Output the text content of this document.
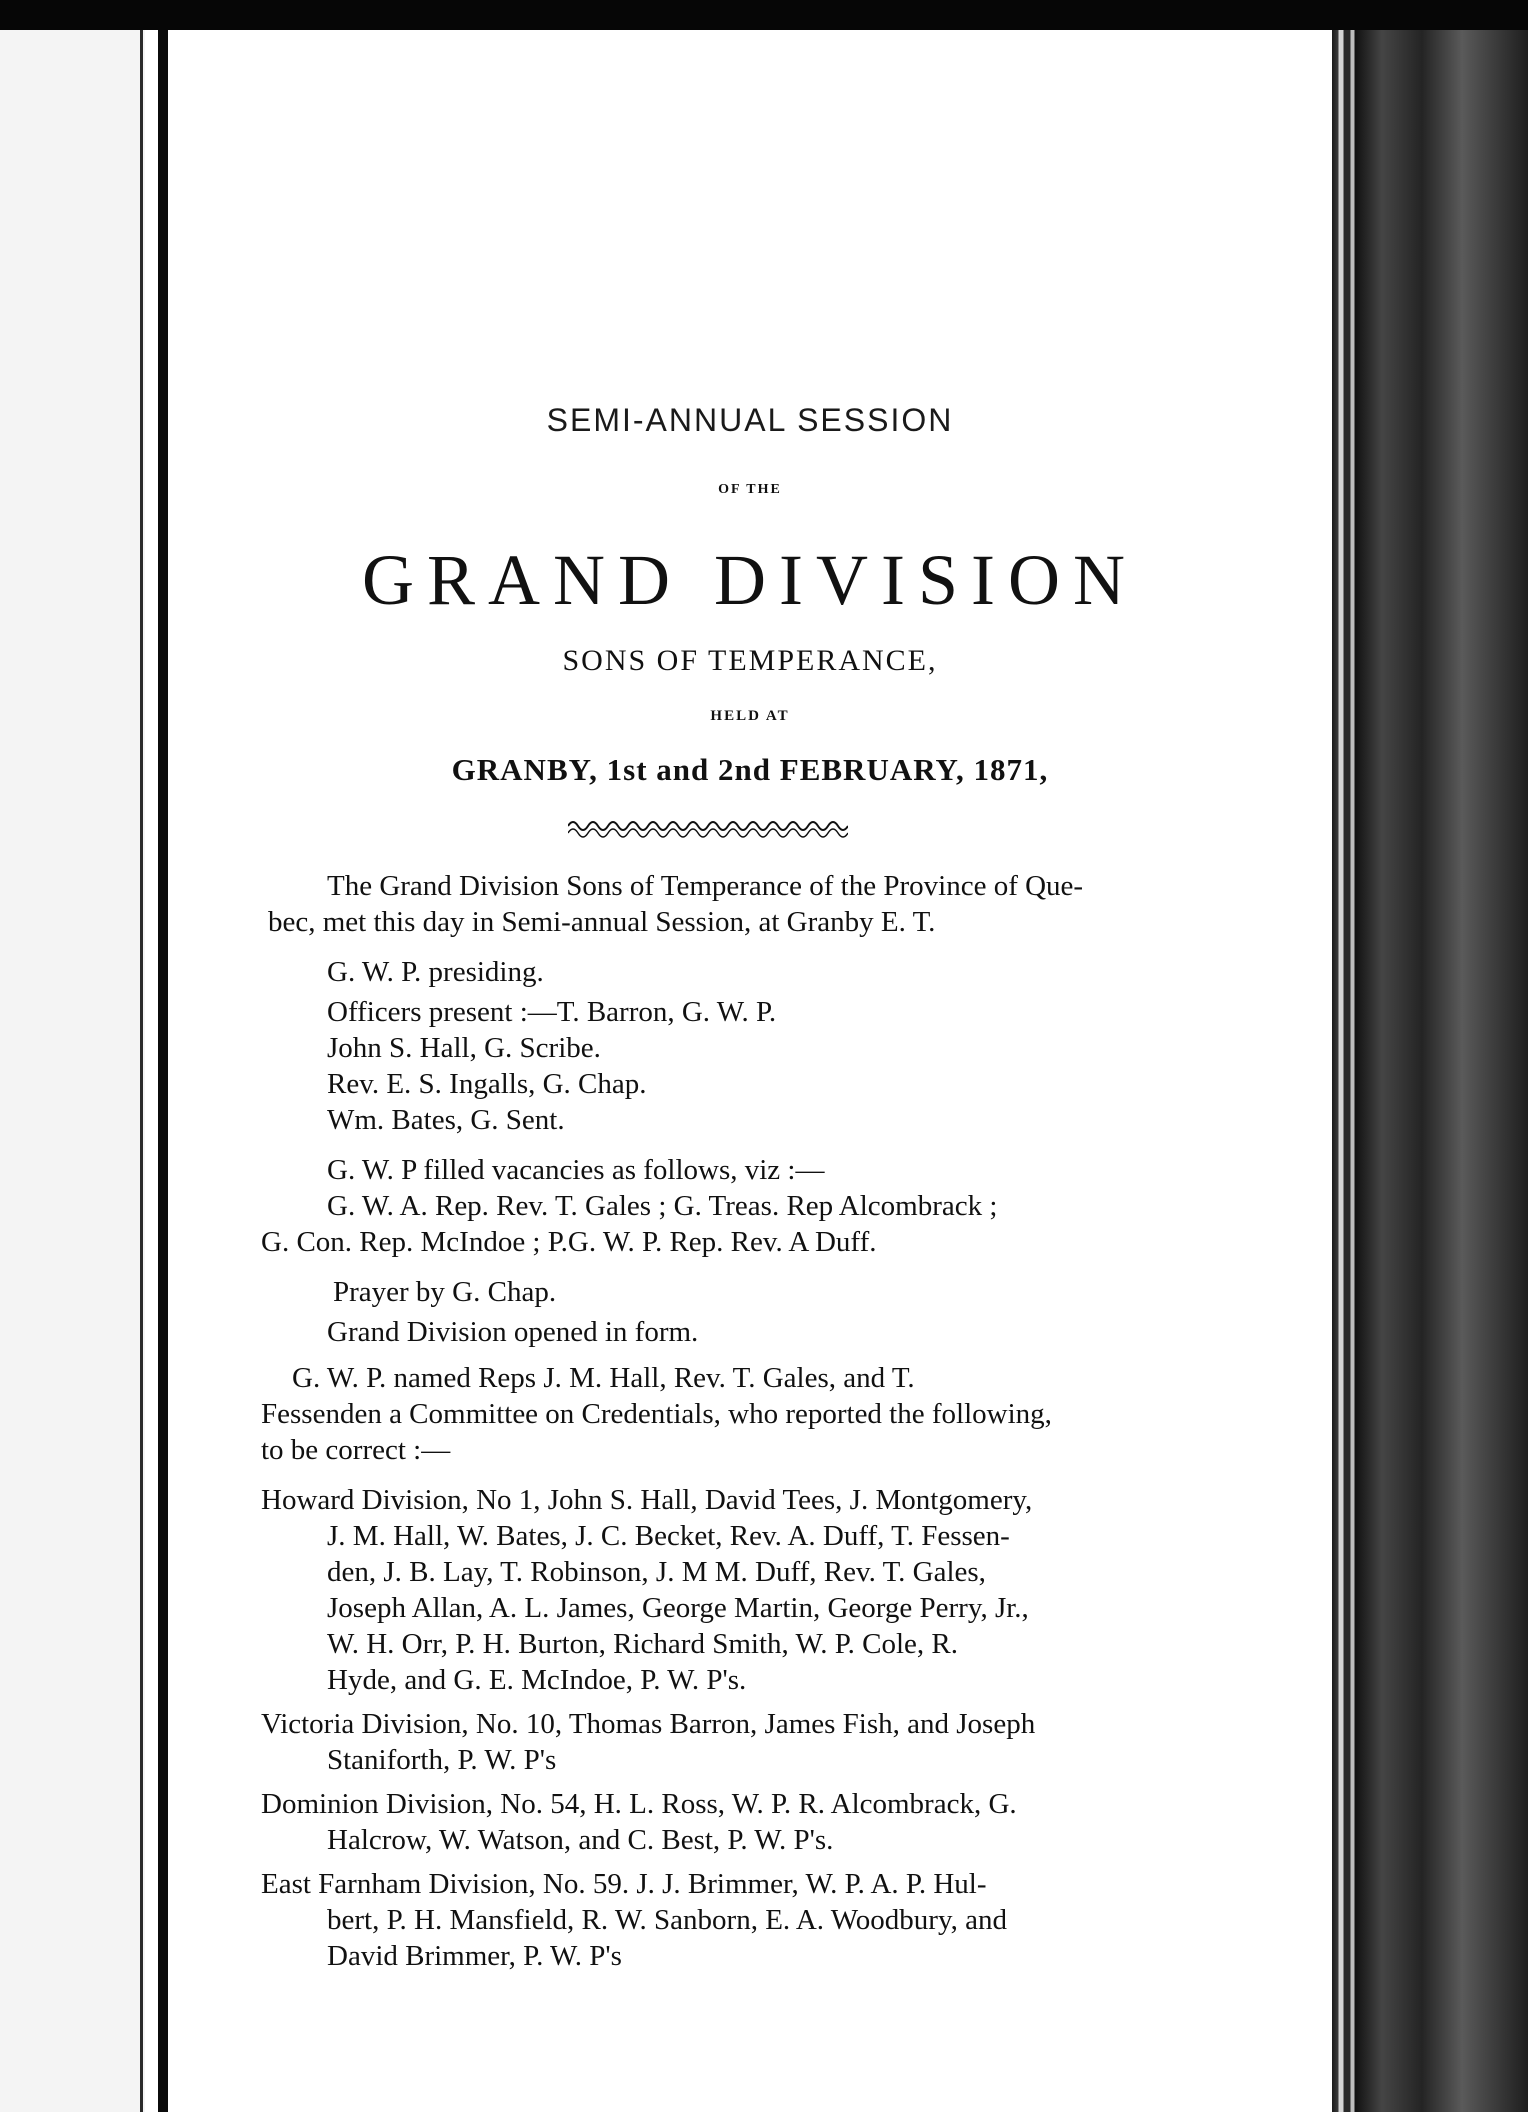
SEMI-ANNUAL SESSION
OF THE
GRAND DIVISION
SONS OF TEMPERANCE,
HELD AT
GRANBY, 1st and 2nd FEBRUARY, 1871,
The Grand Division Sons of Temperance of the Province of Que-
bec, met this day in Semi-annual Session, at Granby E. T.
G. W. P. presiding.
Officers present :—T. Barron, G. W. P.
John S. Hall, G. Scribe.
Rev. E. S. Ingalls, G. Chap.
Wm. Bates, G. Sent.
G. W. P filled vacancies as follows, viz :—
G. W. A. Rep. Rev. T. Gales ; G. Treas. Rep Alcombrack ;
G. Con. Rep. McIndoe ; P.G. W. P. Rep. Rev. A Duff.
Prayer by G. Chap.
Grand Division opened in form.
G. W. P. named Reps J. M. Hall, Rev. T. Gales, and T.
Fessenden a Committee on Credentials, who reported the following,
to be correct :—
Howard Division, No 1, John S. Hall, David Tees, J. Montgomery,
J. M. Hall, W. Bates, J. C. Becket, Rev. A. Duff, T. Fessen-
den, J. B. Lay, T. Robinson, J. M M. Duff, Rev. T. Gales,
Joseph Allan, A. L. James, George Martin, George Perry, Jr.,
W. H. Orr, P. H. Burton, Richard Smith, W. P. Cole, R.
Hyde, and G. E. McIndoe, P. W. P's.
Victoria Division, No. 10, Thomas Barron, James Fish, and Joseph
Staniforth, P. W. P's
Dominion Division, No. 54, H. L. Ross, W. P. R. Alcombrack, G.
Halcrow, W. Watson, and C. Best, P. W. P's.
East Farnham Division, No. 59. J. J. Brimmer, W. P. A. P. Hul-
bert, P. H. Mansfield, R. W. Sanborn, E. A. Woodbury, and
David Brimmer, P. W. P's
